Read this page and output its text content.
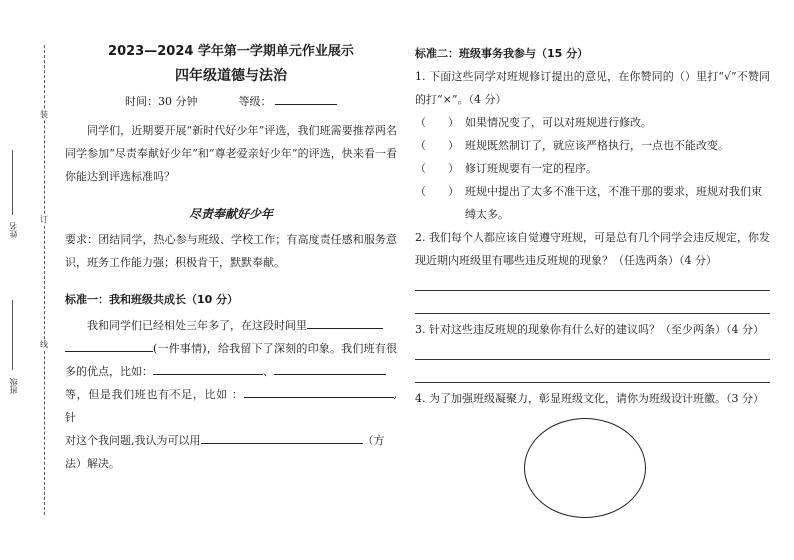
装
订
线
姓名
班级
2023—2024 学年第一学期单元作业展示
四年级道德与法治
时间：30 分钟	等级：

同学们，近期要开展“新时代好少年”评选，我们班需要推荐两名同学参加“尽责奉献好少年”和“尊老爱亲好少年”的评选，快来看一看你能达到评选标准吗？

尽责奉献好少年

要求：团结同学，热心参与班级、学校工作；有高度责任感和服务意识，班务工作能力强；积极肯干，默默奉献。

标准一：我和班级共成长（10 分）

我和同学们已经相处三年多了，在这段时间里

(一件事情)，给我留下了深刻的印象。我们班有很多的优点，比如：	、

等，但是我们班也有不足，比如 ：	,针

对这个我问题,我认为可以用	（方

法）解决。

标准二：班级事务我参与（15 分）

1. 下面这些同学对班规修订提出的意见，在你赞同的（）里打“√”不赞同的打“×”。（4 分）

（　　） 如果情况变了，可以对班规进行修改。
（　　） 班规既然制订了，就应该严格执行，一点也不能改变。
（　　） 修订班规要有一定的程序。
（　　） 班规中提出了太多不准干这，不准干那的要求，班规对我们束缚太多。

2. 我们每个人都应该自觉遵守班规，可是总有几个同学会违反规定，你发现近期内班级里有哪些违反班规的现象？（任选两条）（4 分）

3. 针对这些违反班规的现象你有什么好的建议吗？（至少两条）（4 分）

4. 为了加强班级凝聚力，彰显班级文化，请你为班级设计班徽。（3 分）
